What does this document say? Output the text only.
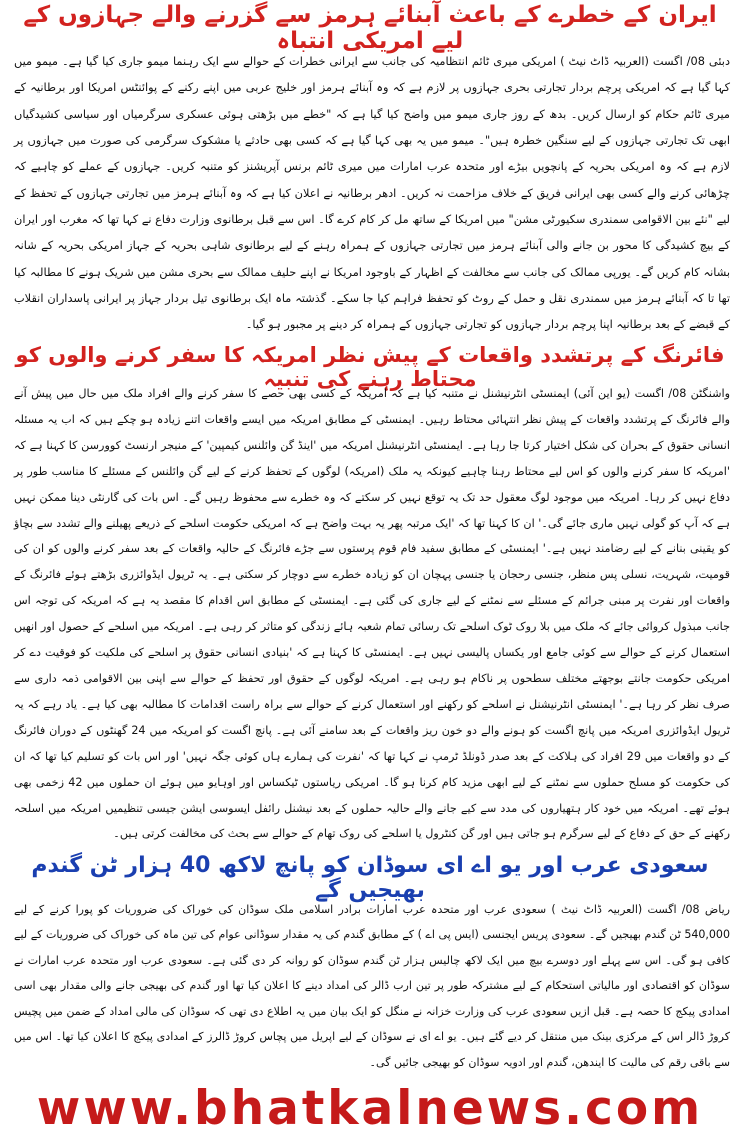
ایران کے خطرے کے باعث آبنائے ہرمز سے گزرنے والے جہازوں کے لیے امریکی انتباہ

دبئی 08/ اگست (العربیہ ڈاٹ نیٹ ) امریکی میری ٹائم انتظامیہ کی جانب سے ایرانی خطرات کے حوالے سے ایک رہنما میمو جاری کیا گیا ہے۔ میمو میں کہا گیا ہے کہ امریکی پرچم بردار تجارتی بحری جہازوں پر لازم ہے کہ وہ آبنائے ہرمز اور خلیج عربی میں اپنے رکنے کے پوائنٹس امریکا اور برطانیہ کے میری ٹائم حکام کو ارسال کریں۔ بدھ کے روز جاری میمو میں واضح کیا گیا ہے کہ "خطے میں بڑھتی ہوئی عسکری سرگرمیاں اور سیاسی کشیدگیاں ابھی تک تجارتی جہازوں کے لیے سنگین خطرہ ہیں"۔ میمو میں یہ بھی کہا گیا ہے کہ کسی بھی حادثے یا مشکوک سرگرمی کی صورت میں جہازوں پر لازم ہے کہ وہ امریکی بحریہ کے پانچویں بیڑے اور متحدہ عرب امارات میں میری ٹائم برنس آپریشنز کو متنبہ کریں۔ جہازوں کے عملے کو چاہیے کہ چڑھائی کرنے والے کسی بھی ایرانی فریق کے خلاف مزاحمت نہ کریں۔ ادھر برطانیہ نے اعلان کیا ہے کہ وہ آبنائے ہرمز میں تجارتی جہازوں کے تحفظ کے لیے "نئے بین الاقوامی سمندری سکیورٹی مشن" میں امریکا کے ساتھ مل کر کام کرے گا۔ اس سے قبل برطانوی وزارت دفاع نے کہا تھا کہ مغرب اور ایران کے بیچ کشیدگی کا محور بن جانے والی آبنائے ہرمز میں تجارتی جہازوں کے ہمراہ رہنے کے لیے برطانوی شاہی بحریہ کے جہاز امریکی بحریہ کے شانہ بشانہ کام کریں گے۔ یورپی ممالک کی جانب سے مخالفت کے اظہار کے باوجود امریکا نے اپنے حلیف ممالک سے بحری مشن میں شریک ہونے کا مطالبہ کیا تھا تا کہ آبنائے ہرمز میں سمندری نقل و حمل کے روٹ کو تحفظ فراہم کیا جا سکے۔ گذشتہ ماہ ایک برطانوی تیل بردار جہاز پر ایرانی پاسداران انقلاب کے قبضے کے بعد برطانیہ اپنا پرچم بردار جہازوں کو تجارتی جہازوں کے ہمراہ کر دینے پر مجبور ہو گیا۔

فائرنگ کے پرتشدد واقعات کے پیش نظر امریکہ کا سفر کرنے والوں کو محتاط رہنے کی تنبیہ

واشنگٹن 08/ اگست (یو این آئی) ایمنسٹی انٹرنیشنل نے متنبہ کیا ہے کہ امریکہ کے کسی بھی حصے کا سفر کرنے والے افراد ملک میں حال میں پیش آنے والے فائرنگ کے پرتشدد واقعات کے پیش نظر انتہائی محتاط رہیں۔ ایمنسٹی کے مطابق امریکہ میں ایسے واقعات اتنے زیادہ ہو چکے ہیں کہ اب یہ مسئلہ انسانی حقوق کے بحران کی شکل اختیار کرتا جا رہا ہے۔ ایمنسٹی انٹرنیشنل امریکہ میں 'اینڈ گن وائلنس کیمپین' کے منیجر ارنسٹ کوورسن کا کہنا ہے کہ 'امریکہ کا سفر کرنے والوں کو اس لیے محتاط رہنا چاہیے کیونکہ یہ ملک (امریکہ) لوگوں کے تحفظ کرنے کے لیے گن وائلنس کے مسئلے کا مناسب طور پر دفاع نہیں کر رہا۔ امریکہ میں موجود لوگ معقول حد تک یہ توقع نہیں کر سکتے کہ وہ خطرے سے محفوظ رہیں گے۔ اس بات کی گارنٹی دینا ممکن نہیں ہے کہ آپ کو گولی نہیں ماری جائے گی۔' ان کا کہنا تھا کہ 'ایک مرتبہ پھر یہ بہت واضح ہے کہ امریکی حکومت اسلحے کے ذریعے پھیلنے والے تشدد سے بچاؤ کو یقینی بنانے کے لیے رضامند نہیں ہے۔' ایمنسٹی کے مطابق سفید فام قوم پرستوں سے جڑے فائرنگ کے حالیہ واقعات کے بعد سفر کرنے والوں کو ان کی قومیت، شہریت، نسلی پس منظر، جنسی رحجان یا جنسی پہچان ان کو زیادہ خطرے سے دوچار کر سکتی ہے۔ یہ ٹریول ایڈوائزری بڑھتے ہوئے فائرنگ کے واقعات اور نفرت پر مبنی جرائم کے مسئلے سے نمٹنے کے لیے جاری کی گئی ہے۔ ایمنسٹی کے مطابق اس اقدام کا مقصد یہ ہے کہ امریکہ کی توجہ اس جانب مبذول کروائی جائے کہ ملک میں بلا روک ٹوک اسلحے تک رسائی تمام شعبہ ہائے زندگی کو متاثر کر رہی ہے۔ امریکہ میں اسلحے کے حصول اور انھیں استعمال کرنے کے حوالے سے کوئی جامع اور یکساں پالیسی نہیں ہے۔ ایمنسٹی کا کہنا ہے کہ 'بنیادی انسانی حقوق پر اسلحے کی ملکیت کو فوقیت دے کر امریکی حکومت جانتے بوجھتے مختلف سطحوں پر ناکام ہو رہی ہے۔ امریکہ لوگوں کے حقوق اور تحفظ کے حوالے سے اپنی بین الاقوامی ذمہ داری سے صرف نظر کر رہا ہے۔' ایمنسٹی انٹرنیشنل نے اسلحے کو رکھنے اور استعمال کرنے کے حوالے سے براہ راست اقدامات کا مطالبہ بھی کیا ہے۔ یاد رہے کہ یہ ٹریول ایڈوائزری امریکہ میں پانچ اگست کو ہونے والے دو خون ریز واقعات کے بعد سامنے آئی ہے۔ پانچ اگست کو امریکہ میں 24 گھنٹوں کے دوران فائرنگ کے دو واقعات میں 29 افراد کی ہلاکت کے بعد صدر ڈونلڈ ٹرمپ نے کہا تھا کہ 'نفرت کی ہمارے ہاں کوئی جگہ نہیں' اور اس بات کو تسلیم کیا تھا کہ ان کی حکومت کو مسلح حملوں سے نمٹنے کے لیے ابھی مزید کام کرنا ہو گا۔ امریکی ریاستوں ٹیکساس اور اوہایو میں ہوئے ان حملوں میں 42 زخمی بھی ہوئے تھے۔ امریکہ میں خود کار ہتھیاروں کی مدد سے کیے جانے والے حالیہ حملوں کے بعد نیشنل رائفل ایسوسی ایشن جیسی تنظیمیں امریکہ میں اسلحہ رکھنے کے حق کے دفاع کے لیے سرگرم ہو جاتی ہیں اور گن کنٹرول یا اسلحے کی روک تھام کے حوالے سے بحث کی مخالفت کرتی ہیں۔

سعودی عرب اور یو اے ای سوڈان کو پانچ لاکھ 40 ہزار ٹن گندم بھیجیں گے

ریاض 08/ اگست (العربیہ ڈاٹ نیٹ ) سعودی عرب اور متحدہ عرب امارات برادر اسلامی ملک سوڈان کی خوراک کی ضروریات کو پورا کرنے کے لیے 540,000 ٹن گندم بھیجیں گے۔ سعودی پریس ایجنسی (ایس پی اے ) کے مطابق گندم کی یہ مقدار سوڈانی عوام کی تین ماہ کی خوراک کی ضروریات کے لیے کافی ہو گی۔ اس سے پہلے اور دوسرے بیچ میں ایک لاکھ چالیس ہزار ٹن گندم سوڈان کو روانہ کر دی گئی ہے۔ سعودی عرب اور متحدہ عرب امارات نے سوڈان کو اقتصادی اور مالیاتی استحکام کے لیے مشترکہ طور پر تین ارب ڈالر کی امداد دینے کا اعلان کیا تھا اور گندم کی بھیجی جانے والی مقدار بھی اسی امدادی پیکج کا حصہ ہے۔ قبل ازیں سعودی عرب کی وزارت خزانہ نے منگل کو ایک بیان میں یہ اطلاع دی تھی کہ سوڈان کی مالی امداد کے ضمن میں پچیس کروڑ ڈالر اس کے مرکزی بینک میں منتقل کر دیے گئے ہیں۔ یو اے ای نے سوڈان کے لیے اپریل میں پچاس کروڑ ڈالرز کے امدادی پیکج کا اعلان کیا تھا۔ اس میں سے باقی رقم کی مالیت کا ایندھن، گندم اور ادویہ سوڈان کو بھیجی جائیں گی۔

www.bhatkalnews.com
